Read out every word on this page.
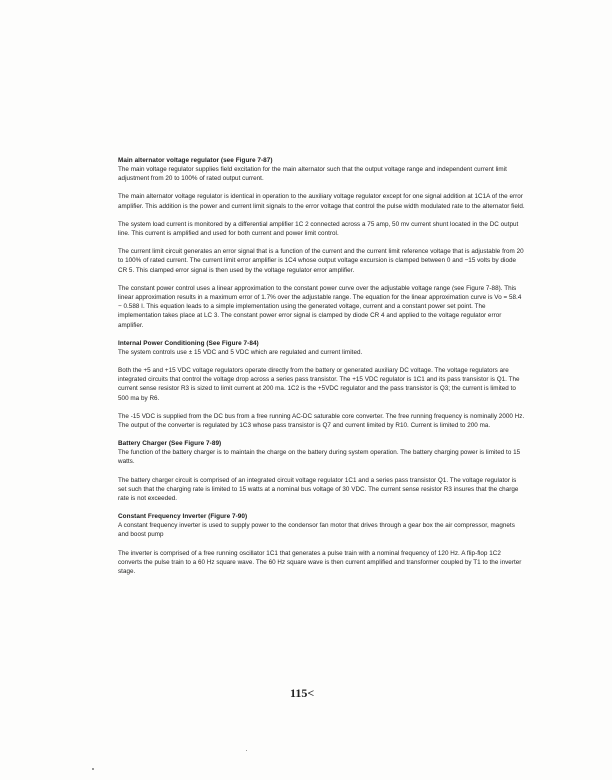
Main alternator voltage regulator (see Figure 7-87)

The main voltage regulator supplies field excitation for the main alternator such that the output voltage range and independent current limit adjustment from 20 to 100% of rated output current.

The main alternator voltage regulator is identical in operation to the auxiliary voltage regulator except for one signal addition at 1C1A of the error amplifier. This addition is the power and current limit signals to the error voltage that control the pulse width modulated rate to the alternator field.

The system load current is monitored by a differential amplifier 1C 2 connected across a 75 amp, 50 mv current shunt located in the DC output line. This current is amplified and used for both current and power limit control.

The current limit circuit generates an error signal that is a function of the current and the current limit reference voltage that is adjustable from 20 to 100% of rated current. The current limit error amplifier is 1C4 whose output voltage excursion is clamped between 0 and −15 volts by diode CR 5. This clamped error signal is then used by the voltage regulator error amplifier.

The constant power control uses a linear approximation to the constant power curve over the adjustable voltage range (see Figure 7-88). This linear approximation results in a maximum error of 1.7% over the adjustable range. The equation for the linear approximation curve is Vo = 58.4 − 0.588 I. This equation leads to a simple implementation using the generated voltage, current and a constant power set point. The implementation takes place at LC 3. The constant power error signal is clamped by diode CR 4 and applied to the voltage regulator error amplifier.

Internal Power Conditioning (See Figure 7-84)

The system controls use ± 15 VDC and 5 VDC which are regulated and current limited.

Both the +5 and +15 VDC voltage regulators operate directly from the battery or generated auxiliary DC voltage. The voltage regulators are integrated circuits that control the voltage drop across a series pass transistor. The +15 VDC regulator is 1C1 and its pass transistor is Q1. The current sense resistor R3 is sized to limit current at 200 ma. 1C2 is the +5VDC regulator and the pass transistor is Q3; the current is limited to 500 ma by R6.

The -15 VDC is supplied from the DC bus from a free running AC-DC saturable core converter. The free running frequency is nominally 2000 Hz. The output of the converter is regulated by 1C3 whose pass transistor is Q7 and current limited by R10. Current is limited to 200 ma.

Battery Charger (See Figure 7-89)

The function of the battery charger is to maintain the charge on the battery during system operation. The battery charging power is limited to 15 watts.

The battery charger circuit is comprised of an integrated circuit voltage regulator 1C1 and a series pass transistor Q1. The voltage regulator is set such that the charging rate is limited to 15 watts at a nominal bus voltage of 30 VDC. The current sense resistor R3 insures that the charge rate is not exceeded.

Constant Frequency Inverter (Figure 7-90)

A constant frequency inverter is used to supply power to the condensor fan motor that drives through a gear box the air compressor, magnets and boost pump

The inverter is comprised of a free running oscillator 1C1 that generates a pulse train with a nominal frequency of 120 Hz. A flip-flop 1C2 converts the pulse train to a 60 Hz square wave. The 60 Hz square wave is then current amplified and transformer coupled by T1 to the inverter stage.

115<
